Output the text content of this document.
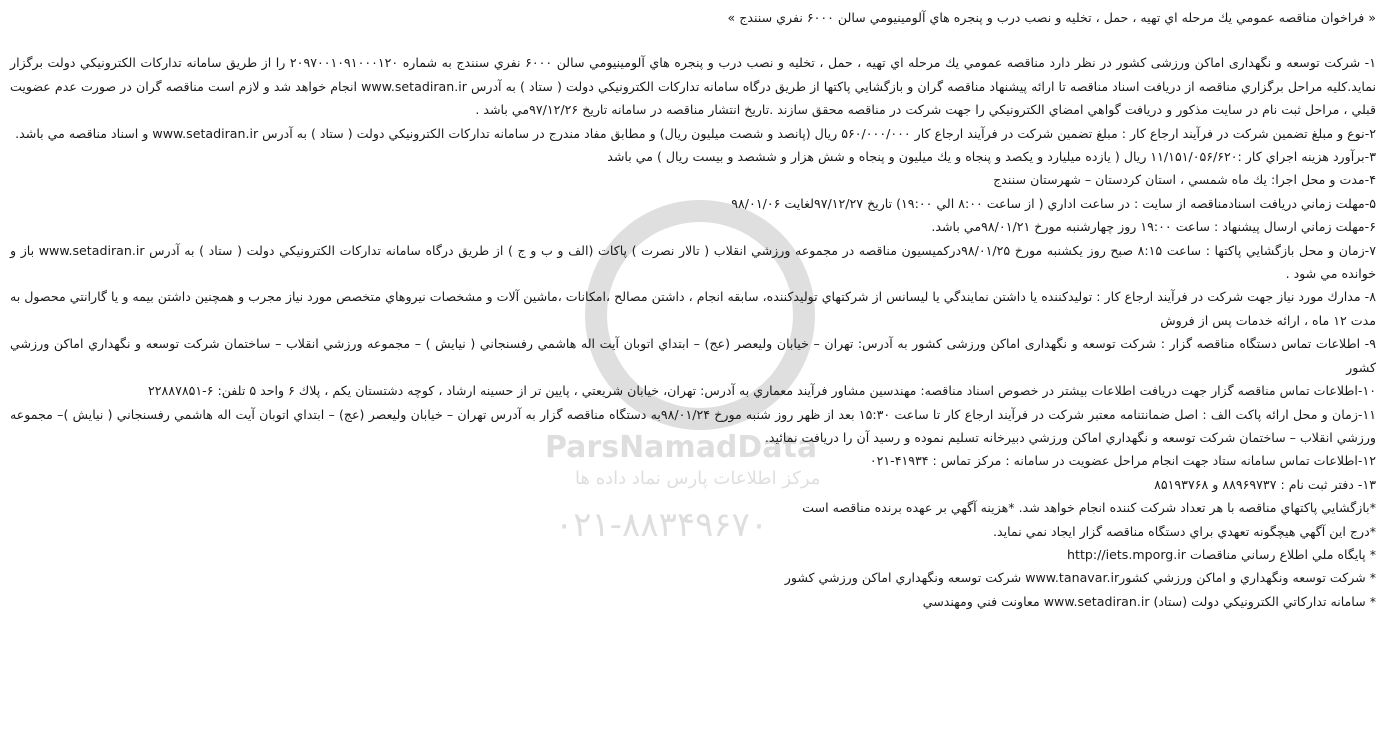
ParsNamadData
مرکز اطلاعات پارس نماد داده ها
۰۲۱-۸۸۳۴۹۶۷۰

« فراخوان مناقصه عمومي يك مرحله اي تهيه ، حمل ، تخليه و نصب درب و پنجره هاي آلومينيومي سالن ۶۰۰۰ نفري سنندج »

۱- شركت توسعه و نگهداری اماكن ورزشی كشور در نظر دارد مناقصه عمومي يك مرحله اي تهيه ، حمل ، تخليه و نصب درب و پنجره هاي آلومينيومي سالن ۶۰۰۰ نفري سنندج به شماره ۲۰۹۷۰۰۱۰۹۱۰۰۰۱۲۰ را از طريق سامانه تداركات الكترونيكي دولت برگزار نمايد.كليه مراحل برگزاري مناقصه از دريافت اسناد مناقصه تا ارائه پيشنهاد مناقصه گران و بازگشايي پاكتها از طريق درگاه سامانه تداركات الكترونيكي دولت ( ستاد ) به آدرس www.setadiran.ir انجام خواهد شد و لازم است مناقصه گران در صورت عدم عضويت قبلي ، مراحل ثبت نام در سايت مذكور و دريافت گواهي امضاي الكترونيكي را جهت شركت در مناقصه محقق سازند .تاريخ انتشار مناقصه در سامانه تاريخ ۹۷/۱۲/۲۶مي باشد .

۲-نوع و مبلغ تضمين شركت در فرآيند ارجاع كار : مبلغ تضمين شركت در فرآيند ارجاع كار ۵۶۰/۰۰۰/۰۰۰ ريال (پانصد و شصت ميليون ريال) و مطابق مفاد مندرج در سامانه تداركات الكترونيكي دولت ( ستاد ) به آدرس www.setadiran.ir و اسناد مناقصه مي باشد.

۳-برآورد هزينه اجراي كار :۱۱/۱۵۱/۰۵۶/۶۲۰ ريال ( يازده ميليارد و يكصد و پنجاه و يك ميليون و پنجاه و شش هزار و ششصد و بيست ريال ) مي باشد

۴-مدت و محل اجرا: يك ماه شمسي ، استان كردستان – شهرستان سنندج

۵-مهلت زماني دريافت اسنادمناقصه از سايت : در ساعت اداري ( از ساعت ۸:۰۰ الي ۱۹:۰۰) تاريخ ۹۷/۱۲/۲۷لغايت ۹۸/۰۱/۰۶

۶-مهلت زماني ارسال پيشنهاد : ساعت ۱۹:۰۰ روز چهارشنبه مورخ ۹۸/۰۱/۲۱مي باشد.

۷-زمان و محل بازگشايي پاكتها : ساعت ۸:۱۵ صبح روز يكشنبه مورخ ۹۸/۰۱/۲۵دركميسيون مناقصه در مجموعه ورزشي انقلاب ( تالار نصرت ) پاكات (الف و ب و ج ) از طريق درگاه سامانه تداركات الكترونيكي دولت ( ستاد ) به آدرس www.setadiran.ir باز و خوانده مي شود .

۸- مدارك مورد نياز جهت شركت در فرآيند ارجاع كار : توليدكننده يا داشتن نمايندگي يا ليسانس از شركتهاي توليدكننده، سابقه انجام ، داشتن مصالح ،امكانات ،ماشين آلات و مشخصات نيروهاي متخصص مورد نياز مجرب و همچنين داشتن بيمه و يا گارانتي محصول به مدت ۱۲ ماه ، ارائه خدمات پس از فروش

۹- اطلاعات تماس دستگاه مناقصه گزار : شركت توسعه و نگهداری اماكن ورزشی كشور به آدرس: تهران – خيابان وليعصر (عج) – ابتداي اتوبان آيت اله هاشمي رفسنجاني ( نيايش ) – مجموعه ورزشي انقلاب – ساختمان شركت توسعه و نگهداري اماكن ورزشي كشور

۱۰-اطلاعات تماس مناقصه گزار جهت دريافت اطلاعات بيشتر در خصوص اسناد مناقصه: مهندسين مشاور فرآيند معماري به آدرس: تهران، خيابان شريعتي ، پايين تر از حسينه ارشاد ، كوچه دشتستان يكم ، پلاك ۶ واحد ۵ تلفن: ۶-۲۲۸۸۷۸۵۱

۱۱-زمان و محل ارائه پاكت الف : اصل ضمانتنامه معتبر شركت در فرآيند ارجاع كار تا ساعت ۱۵:۳۰ بعد از ظهر روز شنبه مورخ ۹۸/۰۱/۲۴به دستگاه مناقصه گزار به آدرس تهران – خيابان وليعصر (عج) – ابتداي اتوبان آيت اله هاشمي رفسنجاني ( نيايش )– مجموعه ورزشي انقلاب – ساختمان شركت توسعه و نگهداري اماكن ورزشي دبيرخانه تسليم نموده و رسيد آن را دريافت نمائيد.

۱۲-اطلاعات تماس سامانه ستاد جهت انجام مراحل عضويت در سامانه : مركز تماس : ۴۱۹۳۴-۰۲۱

۱۳- دفتر ثبت نام : ۸۸۹۶۹۷۳۷ و ۸۵۱۹۳۷۶۸

*بازگشايي پاكتهاي مناقصه با هر تعداد شركت كننده انجام خواهد شد. *هزينه آگهي بر عهده برنده مناقصه است

*درج اين آگهي هيچگونه تعهدي براي دستگاه مناقصه گزار ايجاد نمي نمايد.

* پايگاه ملي اطلاع رساني مناقصات http://iets.mporg.ir

* شركت توسعه ونگهداري و اماكن ورزشي كشورwww.tanavar.ir شركت توسعه ونگهداري اماكن ورزشي كشور

* سامانه تداركاتي الكترونيكي دولت (ستاد) www.setadiran.ir معاونت فني ومهندسي
